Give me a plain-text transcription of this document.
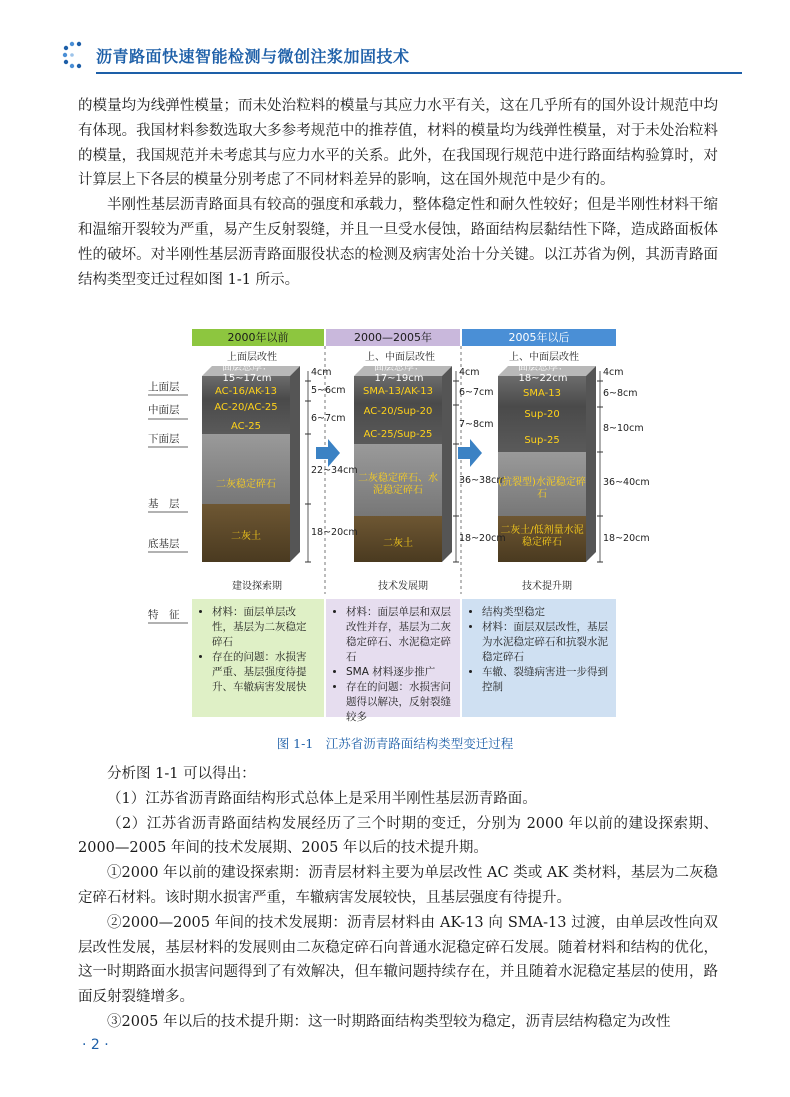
沥青路面快速智能检测与微创注浆加固技术

的模量均为线弹性模量；而未处治粒料的模量与其应力水平有关，这在几乎所有的国外设计规范中均有体现。我国材料参数选取大多参考规范中的推荐值，材料的模量均为线弹性模量，对于未处治粒料的模量，我国规范并未考虑其与应力水平的关系。此外，在我国现行规范中进行路面结构验算时，对计算层上下各层的模量分别考虑了不同材料差异的影响，这在国外规范中是少有的。

半刚性基层沥青路面具有较高的强度和承载力，整体稳定性和耐久性较好；但是半刚性材料干缩和温缩开裂较为严重，易产生反射裂缝，并且一旦受水侵蚀，路面结构层黏结性下降，造成路面板体性的破坏。对半刚性基层沥青路面服役状态的检测及病害处治十分关键。以江苏省为例，其沥青路面结构类型变迁过程如图 1-1 所示。

2000年以前	2000—2005年	2005年以后
上面层
中面层
下面层
基　层
底基层
特　征
上面层改性
面层总厚：
15~17cm
AC-16/AK-13
AC-20/AC-25
AC-25
二灰稳定碎石
二灰土
4cm
5~6cm
6~7cm
22~34cm
18~20cm
建设探索期
上、中面层改性
面层总厚：
17~19cm
SMA-13/AK-13
AC-20/Sup-20
AC-25/Sup-25
二灰稳定碎石、水泥稳定碎石
二灰土
4cm
6~7cm
7~8cm
36~38cm
18~20cm
技术发展期
上、中面层改性
面层总厚：
18~22cm
SMA-13
Sup-20
Sup-25
(抗裂型)水泥稳定碎石
二灰土/低剂量水泥稳定碎石
4cm
6~8cm
8~10cm
36~40cm
18~20cm
技术提升期
• 材料：面层单层改性，基层为二灰稳定碎石
• 存在的问题：水损害严重、基层强度待提升、车辙病害发展快
• 材料：面层单层和双层改性并存，基层为二灰稳定碎石、水泥稳定碎石
• SMA 材料逐步推广
• 存在的问题：水损害问题得以解决，反射裂缝较多
• 结构类型稳定
• 材料：面层双层改性，基层为水泥稳定碎石和抗裂水泥稳定碎石
• 车辙、裂缝病害进一步得到控制
图 1-1　江苏省沥青路面结构类型变迁过程

分析图 1-1 可以得出：

（1）江苏省沥青路面结构形式总体上是采用半刚性基层沥青路面。

（2）江苏省沥青路面结构发展经历了三个时期的变迁，分别为 2000 年以前的建设探索期、2000—2005 年间的技术发展期、2005 年以后的技术提升期。

①2000 年以前的建设探索期：沥青层材料主要为单层改性 AC 类或 AK 类材料，基层为二灰稳定碎石材料。该时期水损害严重，车辙病害发展较快，且基层强度有待提升。

②2000—2005 年间的技术发展期：沥青层材料由 AK-13 向 SMA-13 过渡，由单层改性向双层改性发展，基层材料的发展则由二灰稳定碎石向普通水泥稳定碎石发展。随着材料和结构的优化，这一时期路面水损害问题得到了有效解决，但车辙问题持续存在，并且随着水泥稳定基层的使用，路面反射裂缝增多。

③2005 年以后的技术提升期：这一时期路面结构类型较为稳定，沥青层结构稳定为改性

· 2 ·
